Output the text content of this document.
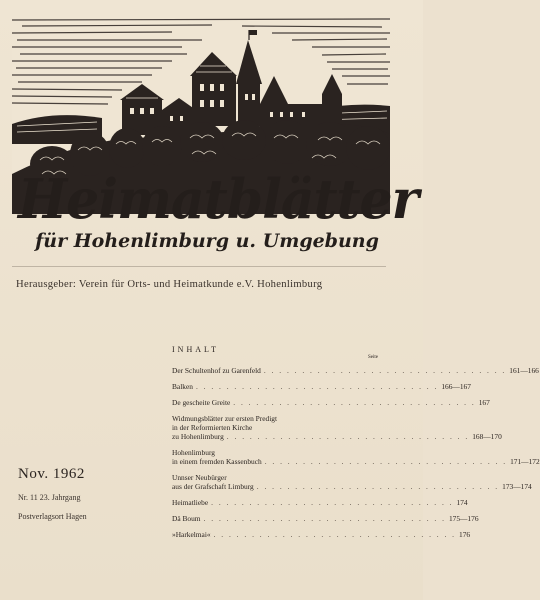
Heimatblätter
für Hohenlimburg u. Umgebung
Herausgeber: Verein für Orts- und Heimatkunde e.V. Hohenlimburg
Nov. 1962
Nr. 11 23. Jahrgang
Postverlagsort Hagen
INHALT
Seite
Der Schultenhof zu Garenfeld . . . . . . . . . . . . . . . . . . . . . . . . . . . . . . . . 161—166
Balken . . . . . . . . . . . . . . . . . . . . . . . . . . . . . . . . 166—167
De gescheite Greite . . . . . . . . . . . . . . . . . . . . . . . . . . . . . . . . 167
Widmungsblätter zur ersten Predigt
in der Reformierten Kirche
zu Hohenlimburg . . . . . . . . . . . . . . . . . . . . . . . . . . . . . . . . 168—170
Hohenlimburg
in einem fremden Kassenbuch . . . . . . . . . . . . . . . . . . . . . . . . . . . . . . . . 171—172
Unnser Neubürger
aus der Grafschaft Limburg . . . . . . . . . . . . . . . . . . . . . . . . . . . . . . . . 173—174
Heimatliebe . . . . . . . . . . . . . . . . . . . . . . . . . . . . . . . . 174
Dä Boum . . . . . . . . . . . . . . . . . . . . . . . . . . . . . . . . 175—176
»Harkelmai« . . . . . . . . . . . . . . . . . . . . . . . . . . . . . . . . 176
